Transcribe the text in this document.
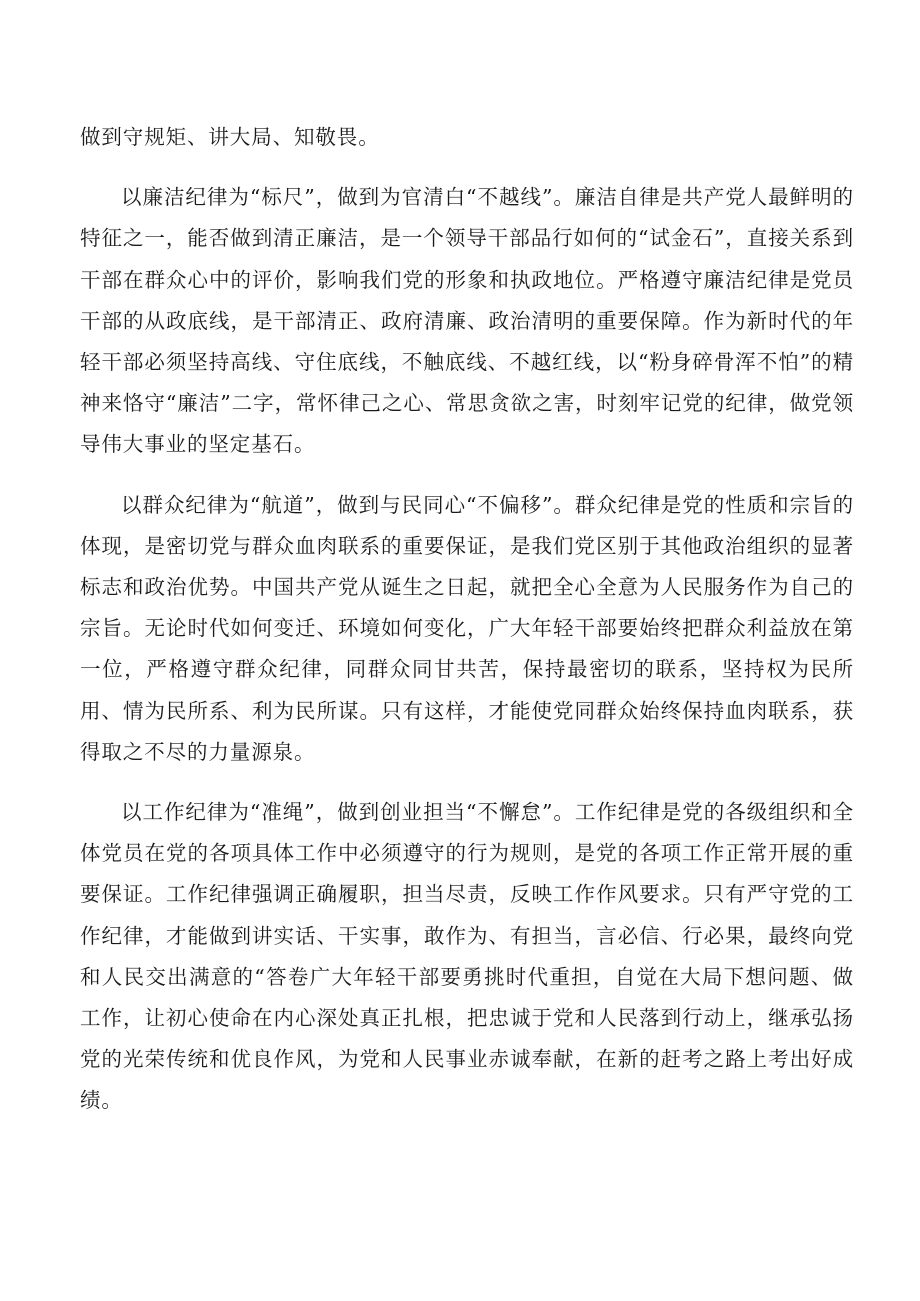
做到守规矩、讲大局、知敬畏。

以廉洁纪律为“标尺”，做到为官清白“不越线”。廉洁自律是共产党人最鲜明的特征之一，能否做到清正廉洁，是一个领导干部品行如何的“试金石”，直接关系到干部在群众心中的评价，影响我们党的形象和执政地位。严格遵守廉洁纪律是党员干部的从政底线，是干部清正、政府清廉、政治清明的重要保障。作为新时代的年轻干部必须坚持高线、守住底线，不触底线、不越红线，以“粉身碎骨浑不怕”的精神来恪守“廉洁”二字，常怀律己之心、常思贪欲之害，时刻牢记党的纪律，做党领导伟大事业的坚定基石。

以群众纪律为“航道”，做到与民同心“不偏移”。群众纪律是党的性质和宗旨的体现，是密切党与群众血肉联系的重要保证，是我们党区别于其他政治组织的显著标志和政治优势。中国共产党从诞生之日起，就把全心全意为人民服务作为自己的宗旨。无论时代如何变迁、环境如何变化，广大年轻干部要始终把群众利益放在第一位，严格遵守群众纪律，同群众同甘共苦，保持最密切的联系，坚持权为民所用、情为民所系、利为民所谋。只有这样，才能使党同群众始终保持血肉联系，获得取之不尽的力量源泉。

以工作纪律为“准绳”，做到创业担当“不懈怠”。工作纪律是党的各级组织和全体党员在党的各项具体工作中必须遵守的行为规则，是党的各项工作正常开展的重要保证。工作纪律强调正确履职，担当尽责，反映工作作风要求。只有严守党的工作纪律，才能做到讲实话、干实事，敢作为、有担当，言必信、行必果，最终向党和人民交出满意的“答卷广大年轻干部要勇挑时代重担，自觉在大局下想问题、做工作，让初心使命在内心深处真正扎根，把忠诚于党和人民落到行动上，继承弘扬党的光荣传统和优良作风，为党和人民事业赤诚奉献，在新的赶考之路上考出好成绩。
